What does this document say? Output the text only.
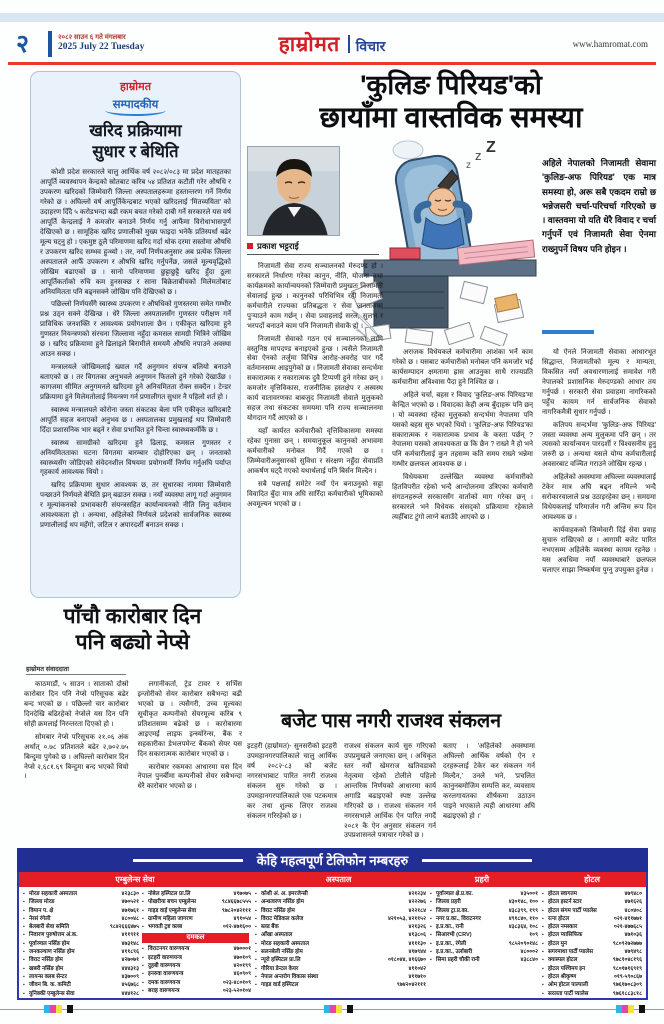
२	२०८२ साउन ६ गते मंगलबार
2025 July 22 Tuesday	हाम्रोमत विचार	www.hamromat.com
हाम्रोमत
सम्पादकीय
खरिद प्रक्रियामा
सुधार र बेथिति

कोशी प्रदेश सरकारले चालु आर्थिक वर्ष २०८२/०८३ मा प्रदेश मातहतका आपूर्ति व्यवस्थापन केन्द्रको स्रोतबाट करिब ५४ प्रतिशत कटौती गरेर औषधि र उपकरण खरिदको जिम्मेवारी जिल्ला अस्पतालहरूमा हस्तान्तरण गर्ने निर्णय गरेको छ । अघिल्लो वर्ष आपूर्तिकेन्द्रबाट भएको खरिदलाई 'मितव्ययिता' को उदाहरण दिँदै ५ करोडभन्दा बढी रकम बचत गरेको दाबी गर्ने सरकारले यस वर्ष आपूर्ति केन्द्रलाई नै कमजोर बनाउने निर्णय गर्नु आफैंमा विरोधाभासपूर्ण देखिएको छ । सामूहिक खरिद प्रणालीको मुख्य फाइदा भनेकै प्रतिस्पर्धा बढेर मूल्य घट्नु हो । एकमुष्ट ठूलै परिमाणमा खरिद गर्दा थोक दरमा सस्तोमा औषधि र उपकरण खरिद सम्भव हुन्थ्यो । तर, नयाँ निर्णयअनुसार अब प्रत्येक जिल्ला अस्पतालले आफैँ उपकरण र औषधि खरिद गर्नुपर्नेछ, जसले मूल्यवृद्धिको जोखिम बढाएको छ । सानो परिमाणमा छुट्टाछुट्टै खरिद हुँदा ठूला आपूर्तिकर्ताको रुचि कम हुनसक्छ र साना बिक्रेताबीचको मिलेमतोबाट अनियमितता पनि बढ्नसक्ने जोखिम पनि देखिएको छ ।

पछिल्लो निर्णयसँगै स्वास्थ्य उपकरण र औषधिको गुणस्तरमा समेत गम्भीर प्रश्न उठ्न सक्ने देखिन्छ । धेरै जिल्ला अस्पतालसँग गुणस्तर परीक्षण गर्ने प्राविधिक जनशक्ति र आवश्यक प्रयोगशाला छैन । एकीकृत खरिदमा हुने गुणस्तर नियन्त्रणको संरचना जिल्लामा नहुँदा कमसल सामग्री भित्रिने जोखिम छ । खरिद प्रक्रियामा हुने ढिलाइले बिरामीले समयमै औषधि नपाउने अवस्था आउन सक्छ ।

मन्त्रालयले जोखिमलाई ख्याल गर्दै अनुगमन संयन्त्र बलियो बनाउने बताएको छ । तर विगतका अनुभवले अनुगमन फितलो हुने गरेको देखाउँछ । कागजमा सीमित अनुगमनले खरिदमा हुने अनियमितता रोक्न सक्दैन । टेन्डर प्रक्रियामा हुने मिलेमतोलाई नियन्त्रण गर्न प्रणालीगत सुधार नै पहिलो शर्त हो ।

स्वास्थ्य मन्त्रालयले कोरोना जस्ता संकटका बेला पनि एकीकृत खरिदबाटै आपूर्ति सहज बनाएको अनुभव छ । अस्पतालका प्रमुखलाई थप जिम्मेवारी दिँदा प्रशासनिक भार बढ्ने र सेवा प्रभावित हुने चिन्ता स्वास्थ्यकर्मीकै छ ।

स्वास्थ्य सामग्रीको खरिदमा हुने ढिलाइ, कमसल गुणस्तर र अनियमितताका घटना विगतमा बारम्बार दोहोरिएका छन् । जनताको स्वास्थ्यसँग जोडिएको संवेदनशील विषयमा प्रयोगधर्मी निर्णय गर्नुअघि पर्याप्त गृहकार्य आवश्यक थियो ।

खरिद प्रक्रियामा सुधार आवश्यक छ, तर सुधारका नाममा जिम्मेवारी पन्छाउने निर्णयले बेथिति झन् बढाउन सक्छ । नयाँ व्यवस्था लागू गर्दा अनुगमन र मूल्यांकनको प्रभावकारी संयन्त्रसहित कार्यान्वयनको नीति लिनु वर्तमान आवश्यकता हो । अन्यथा, अहिलेको निर्णयले प्रदेशको सार्वजनिक स्वास्थ्य प्रणालीलाई थप महँगो, जटिल र अपारदर्शी बनाउन सक्छ ।

'कुलिङ पिरियड'को
छायाँमा वास्तविक समस्या
प्रकाश भट्टराई
z
z Z
अहिले नेपालको निजामती सेवामा 'कुलिङ-अफ पिरियड' एक मात्र समस्या हो, अरू सबै एकदम राम्रो छ भन्नेजसरी चर्चा-परिचर्चा गरिएको छ । वास्तवमा यो यति धेरै विवाद र चर्चा गर्नुपर्ने एवं निजामती सेवा ऐनमा राख्नुपर्ने विषय पनि होइन ।

निजामती सेवा राज्य सञ्चालनको मेरुदण्ड हो । सरकारले निर्धारण गरेका कानुन, नीति, योजना तथा कार्यक्रमको कार्यान्वयनको जिम्मेवारी प्रमुखतः निजामती सेवालाई हुन्छ । कानुनको परिधिभित्र रही निजामती कर्मचारीले राज्यका प्रतिबद्धता र सेवा जनतासम्म पुर्‍याउने काम गर्छन् । सेवा प्रवाहलाई सरल, सुलभ र भरपर्दो बनाउने काम पनि निजामती सेवाकै हो ।

निजामती सेवाको गठन एवं सञ्चालनका लागि वस्तुनिष्ठ मापदण्ड बनाइएको हुन्छ । त्यसैले निजामती सेवा ऐनको तर्जुमा विभिन्न आरोह-अवरोह पार गर्दै वर्तमानसम्म आइपुगेको छ । निजामती सेवाका सन्दर्भमा सकारात्मक र नकारात्मक दुवै टिप्पणी हुने गरेका छन् । कमजोर वृत्तिविकास, राजनीतिक हस्तक्षेप र अस्वस्थ कार्य वातावरणका बाबजुद निजामती सेवाले मुलुकको सहज तथा संकटका समयमा पनि राज्य सञ्चालनमा योगदान गर्दै आएको छ ।

यहाँ कार्यरत कर्मचारीको वृत्तिविकासमा समस्या रहेका गुनासा छन् । समयानुकूल कानुनको अभावमा कर्मचारीको मनोबल गिर्दै गएको छ । जिम्मेवारीअनुसारको सुविधा र संरक्षण नहुँदा सेवाप्रति आकर्षण घट्दै गएको यथार्थलाई पनि बिर्सन मिल्दैन ।

सबै पक्षलाई समेटेर नयाँ ऐन बनाउनुको सट्टा विवादित बुँदा मात्र अघि सारिँदा कर्मचारीको भूमिकाको अवमूल्यन भएको छ ।

अराजक विधेयकले कर्मचारीमा आशंका भर्ने काम गरेको छ । यसबाट कर्मचारीको मनोबल पनि कमजोर भई कार्यसम्पादन क्षमतामा ह्रास आउनुका साथै राज्यप्रति कर्मचारीमा अविश्वास पैदा हुने निश्चित छ ।

अहिले चर्चा, बहस र विवाद 'कुलिङ-अफ पिरियड'मा केन्द्रित भएको छ । विवादका केही अन्य बुँदाहरू पनि छन् । यो व्यवस्था रहेका मुलुकको सन्दर्भमा नेपालमा पनि यसको बहस सुरु भएको थियो । 'कुलिङ-अफ पिरियड'का सकारात्मक र नकारात्मक प्रभाव के कस्ता पर्छन् ? नेपालमा यसको आवश्यकता छ कि छैन ? राख्ने नै हो भने पनि कर्मचारीलाई कुन तहसम्म कति समय राख्ने भन्नेमा गम्भीर छलफल आवश्यक छ ।

विधेयकमा उल्लेखित व्यवस्था कर्मचारीको हितविपरीत रहेको भन्दै आन्दोलनमा उत्रिएका कर्मचारी संगठनहरूले सरकारसँग वार्ताको माग गरेका छन् । सरकारले भने विधेयक संसद्को प्रक्रियामा रहेकाले त्यहीँबाट टुंगो लाग्ने बताउँदै आएको छ ।

यो ऐनले निजामती सेवाका आधारभूत सिद्धान्त, निजामतीको मूल्य र मान्यता, विकसित नयाँ अवधारणालाई समावेश गरी नेपालको प्रशासनिक मेरुदण्डको आधार तय गर्नुपर्छ । सरकारी सेवा प्रवाहमा नागरिकको पहुँच कायम गर्न सार्वजनिक सेवाको नागरिकमैत्री सुधार गर्नुपर्छ ।

कतिपय सन्दर्भमा 'कुलिङ-अफ पिरियड' जस्ता व्यवस्था अन्य मुलुकमा पनि छन् । तर त्यसको कार्यान्वयन पारदर्शी र विश्वसनीय हुनु जरुरी छ । अन्यथा यसले योग्य कर्मचारीलाई अवसरबाट वञ्चित गराउने जोखिम रहन्छ ।

अहिलेको अवस्थामा अघिल्ला व्यवस्थालाई टेकेर मात्र अघि बढ्न नमिल्ने भन्दै सरोकारवालाले प्रश्न उठाइरहेका छन् । समग्रमा विधेयकलाई परिमार्जन गरी अन्तिम रूप दिन आवश्यक छ ।

कार्यवाहकको जिम्मेवारी दिई सेवा प्रवाह सुचारु राखिएको छ । आगामी बजेट पारित नभएसम्म अहिलेकै व्यवस्था कायम रहनेछ । यस अवधिमा नयाँ व्यवस्थाबारे छलफल चलाएर साझा निष्कर्षमा पुग्नु उपयुक्त हुनेछ ।

पाँचौ कारोबार दिन
पनि बढ्यो नेप्से
हाम्रोमत संवाददाता

काठमाडौं, ५ साउन । साताको दोस्रो कारोबार दिन पनि नेप्से परिसूचक बढेर बन्द भएको छ । पछिल्लो चार कारोबार दिनदेखि बढिरहेको नेप्सेले यस दिन पनि सोही क्रमलाई निरन्तरता दिएको हो ।

सोमबार नेप्से परिसूचक २१.०६ अंक अर्थात् ०.७८ प्रतिशतले बढेर २,७०२.७५ बिन्दुमा पुगेको छ । अघिल्लो कारोबार दिन नेप्से २,६८१.६९ बिन्दुमा बन्द भएको थियो ।

लगानीकर्ता, ट्रेड टावर र सर्भिस इन्जोरीको सेयर कारोबार सबैभन्दा बढी भएको छ । त्यसैगरी, उच्च मूल्यका सूचीकृत कम्पनीको सेयरमूल्य करिब ९ प्रतिशतसम्म बढेको छ । कारोबारमा आइएमई लाइफ इन्स्योरेन्स, बैंक र सहकारीका डेभलपमेन्ट बैंकको सेयर यस दिन सकारात्मक कारोबार भएको छ ।

कारोबार रकमका आधारमा यस दिन नेपाल पुनर्बीमा कम्पनीको सेयर सबैभन्दा धेरै कारोबार भएको छ ।

बजेट पास नगरी राजश्व संकलन

इटहरी (हाम्रोमत)- सुनसरीको इटहरी उपमहानगरपालिकाले चालु आर्थिक वर्ष २०८२-८३ को बजेट नगरसभाबाट पारित नगरी राजश्व संकलन सुरु गरेको छ । उपमहानगरपालिकाले एक पटकमात्र कर तथा शुल्क लिएर राजश्व संकलन गरिरहेको छ ।

राजश्व संकलन कार्य सुरु गरिएको उपप्रमुखले जनाएका छन् । अधिकृत स्तर नवौं खेमराज खतिवडाको नेतृत्वमा रहेको टोलीले पहिलो आन्तरिक निर्णयको आधारमा कार्य अगाडि बढाइएको स्पष्ट उल्लेख गरिएको छ । राजश्व संकलन गर्न नगरसभाले आर्थिक ऐन पारित नगर्दै २०८१ कै ऐन अनुसार संकलन गर्न उपप्रशासनले पत्राचार गरेको छ ।

बताए । 'अहिलेको अवस्थामा अघिल्लो आर्थिक वर्षको ऐन र दरहरूलाई टेकेर कर संकलन गर्न मिल्दैन,' उनले भने, 'प्रचलित कानुनबमोजिम सम्पत्ति कर, व्यवसाय करलगायतका शीर्षकमा उठाउन पाइने भएकाले त्यही आधारमा अघि बढाइएको हो ।'

केहि महत्वपूर्ण टेलिफोन नम्बरहरु
एम्बुलेन्स सेवा	अस्पताल	प्रहरी	होटल
▪ मोरङ सहकारी अस्पताल	४२३८३०
▪ जिल्ला मोरङ	४७०५२१
▪ विमान प. क्षे	४७१७६१
▪ नेरसं रंगेली	४८००४८
▪ बेलबारी सेवा समिति	९८४२६६६४७५
▪ निवारण पुरुषोत्तम अं.क.	४११९११
▪ पूर्वाञ्चल नर्सिङ होम	४७३१४८
▪ जनकल्याण नर्सिङ होम	४११८९६
▪ विराट नर्सिङ होम	४२७०७१
▪ खबरी नर्सिङ होम	४४४३१३
▪ लायन्स क्लब सेन्टर	४३७००९
▪ जीवन बि. क. कमिटी	४५६७६८
▪ युनिक्की एम्बुलेन्स सेवा	४४४१२८
▪ नोबेल हस्पिटल प्रा.लि	४१७०७५
▪ पोखरीया बचन एम्बुलेन्स	९८४६६७८५५५
▪ गाइड वाई एम्बुलेन्स सेवा	९७८२०४२१११
▪ ग्रामीण महिला जागरण	४९१०५४
▪ भगवती ट्रष्ट क्लब	०१२-४७१६००
दमकल
▪ विराटनगर वारुणयन्त्र	४७०००१
▪ इटहरी वारुणयन्त्र	४७०१०९
▪ दुहबी वारुणयन्त्र	४२०१९९
▪ इनरुवा वारुणयन्त्र	४६०९०९
▪ दमक वारुणयन्त्र	०२३-४८०१०९
▪ बराह वारुणयन्त्र	०२३-५२०१०४
▪ कोशी अं. अ. इमरजेन्सी	४२१२३४
▪ अन्धत्वरण नर्सिङ होम	४२२२७६
▪ विराट नर्सिङ होम	४२२१८४
▪ विराट मेडिकल कलेज	४२१०५३, ४२११५२
▪ ब्लड बैंक	४२१३२६
▪ आँखा अस्पताल	४१३८०६
▪ मोरङ सहकारी अस्पताल	४१११३०
▪ सलनबेली नर्सिङ होम	४१७९४४
▪ न्यूरो हस्पिटल प्रा.लि	०१८०४४, ४१६६७०
▪ गौरिया डेन्टल केयर	४११०४२
▪ नेपाल अन्तरोग विकास संस्था	४११७१०
▪ गाइड वार्ड हस्पिटल	९७४२०४२१११
▪ पूर्वाञ्चल क्षे.प्र.का.	४३५००१
▪ जिल्ला प्रहरी	४३०१४८, १००
▪ जिल्ला ट्रा.प्र.का.	४३८३९९, १९९
▪ नगर प्र.का., विराटनगर	४९१८४०, ११०
▪ इ.प्र.का., रानी	४३८३६४, १०८
▪ सिआरभी (CRV)	१०९
▪ इ.प्र.का., रंगेली	९८५२०९०१४८
▪ इ.प्र.का., उर्लाबारी	४८०००२
▪ सिमा प्रहरी चौकी रानी	४३८८४०
▪ होटल स्वागतम	४७९४८०
▪ होटल इस्टर्न स्टार	४७१६२६
▪ होटल संगम पार्टी प्यालेस	४८०४०८
▪ रत्ना होटल	०२१-४११७७१
▪ होटल नमस्कार	०२१-४७७६८५
▪ होटल प्यासिफिक	४७१०३६
▪ होटल मुन	९८०९२७२७७७
▪ सगरमाथा पार्टी प्यालेस	४७९४९८
▪ क्यास्पल होटल	९७८१०४८१९६
▪ होटल पश्चिमय इन	९८०१७१६९१९
▪ होटल श्रीकृष्ण	०१९-५९०८६७
▪ ओम होटल पाल्पाली	९७६१७०८३०९
▪ सरलता पार्टी प्यालेस	९७६१८८३८१८
